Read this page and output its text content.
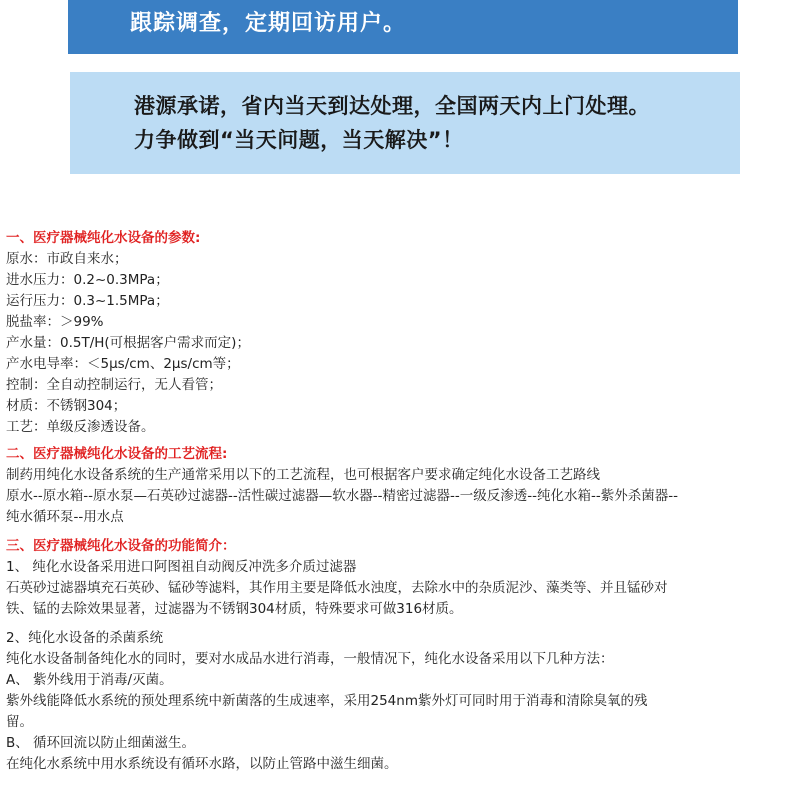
跟踪调查，定期回访用户。
港源承诺，省内当天到达处理，全国两天内上门处理。
力争做到“当天问题，当天解决”！
一、医疗器械纯化水设备的参数:
原水：市政自来水；
进水压力：0.2~0.3MPa；
运行压力：0.3~1.5MPa；
脱盐率：＞99%
产水量：0.5T/H(可根据客户需求而定)；
产水电导率：＜5μs/cm、2μs/cm等；
控制：全自动控制运行，无人看管；
材质：不锈钢304；
工艺：单级反渗透设备。
二、医疗器械纯化水设备的工艺流程:
制药用纯化水设备系统的生产通常采用以下的工艺流程，也可根据客户要求确定纯化水设备工艺路线
原水--原水箱--原水泵—石英砂过滤器--活性碳过滤器—软水器--精密过滤器--一级反渗透--纯化水箱--紫外杀菌器--
纯水循环泵--用水点
三、医疗器械纯化水设备的功能简介：
1、 纯化水设备采用进口阿图祖自动阀反冲洗多介质过滤器
石英砂过滤器填充石英砂、锰砂等滤料，其作用主要是降低水浊度，去除水中的杂质泥沙、藻类等、并且锰砂对
铁、锰的去除效果显著，过滤器为不锈钢304材质，特殊要求可做316材质。
2、纯化水设备的杀菌系统
纯化水设备制备纯化水的同时，要对水成品水进行消毒，一般情况下，纯化水设备采用以下几种方法：
A、 紫外线用于消毒/灭菌。
紫外线能降低水系统的预处理系统中新菌落的生成速率，采用254nm紫外灯可同时用于消毒和清除臭氧的残
留。
B、 循环回流以防止细菌滋生。
在纯化水系统中用水系统设有循环水路，以防止管路中滋生细菌。
